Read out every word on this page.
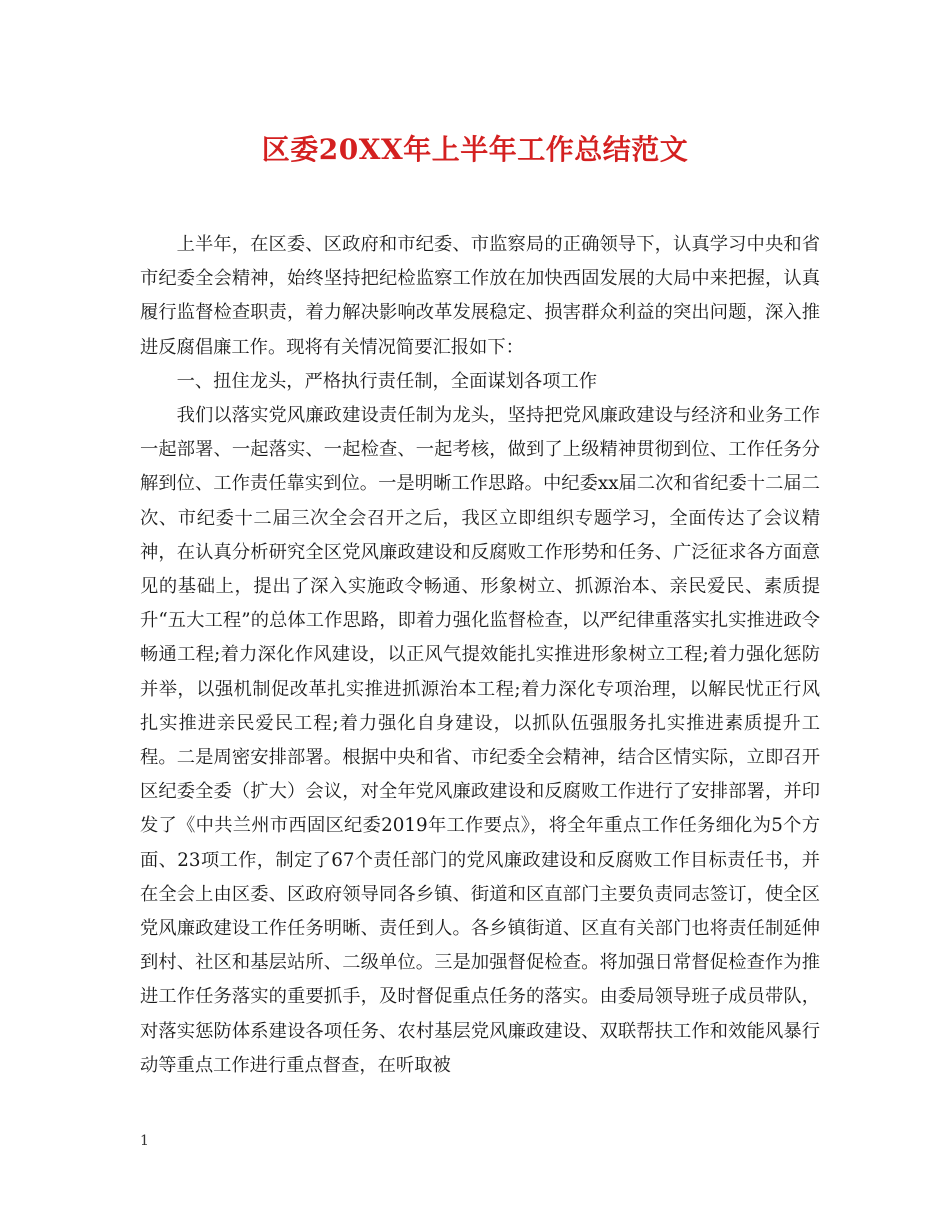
区委20XX年上半年工作总结范文

上半年，在区委、区政府和市纪委、市监察局的正确领导下，认真学习中央和省市纪委全会精神，始终坚持把纪检监察工作放在加快西固发展的大局中来把握，认真履行监督检查职责，着力解决影响改革发展稳定、损害群众利益的突出问题，深入推进反腐倡廉工作。现将有关情况简要汇报如下：

一、扭住龙头，严格执行责任制，全面谋划各项工作

我们以落实党风廉政建设责任制为龙头，坚持把党风廉政建设与经济和业务工作一起部署、一起落实、一起检查、一起考核，做到了上级精神贯彻到位、工作任务分解到位、工作责任靠实到位。一是明晰工作思路。中纪委xx届二次和省纪委十二届二次、市纪委十二届三次全会召开之后，我区立即组织专题学习，全面传达了会议精神，在认真分析研究全区党风廉政建设和反腐败工作形势和任务、广泛征求各方面意见的基础上，提出了深入实施政令畅通、形象树立、抓源治本、亲民爱民、素质提升“五大工程”的总体工作思路，即着力强化监督检查，以严纪律重落实扎实推进政令畅通工程;着力深化作风建设，以正风气提效能扎实推进形象树立工程;着力强化惩防并举，以强机制促改革扎实推进抓源治本工程;着力深化专项治理，以解民忧正行风扎实推进亲民爱民工程;着力强化自身建设，以抓队伍强服务扎实推进素质提升工程。二是周密安排部署。根据中央和省、市纪委全会精神，结合区情实际，立即召开区纪委全委（扩大）会议，对全年党风廉政建设和反腐败工作进行了安排部署，并印发了《中共兰州市西固区纪委2019年工作要点》，将全年重点工作任务细化为5个方面、23项工作，制定了67个责任部门的党风廉政建设和反腐败工作目标责任书，并在全会上由区委、区政府领导同各乡镇、街道和区直部门主要负责同志签订，使全区党风廉政建设工作任务明晰、责任到人。各乡镇街道、区直有关部门也将责任制延伸到村、社区和基层站所、二级单位。三是加强督促检查。将加强日常督促检查作为推进工作任务落实的重要抓手，及时督促重点任务的落实。由委局领导班子成员带队，对落实惩防体系建设各项任务、农村基层党风廉政建设、双联帮扶工作和效能风暴行动等重点工作进行重点督查，在听取被

1
